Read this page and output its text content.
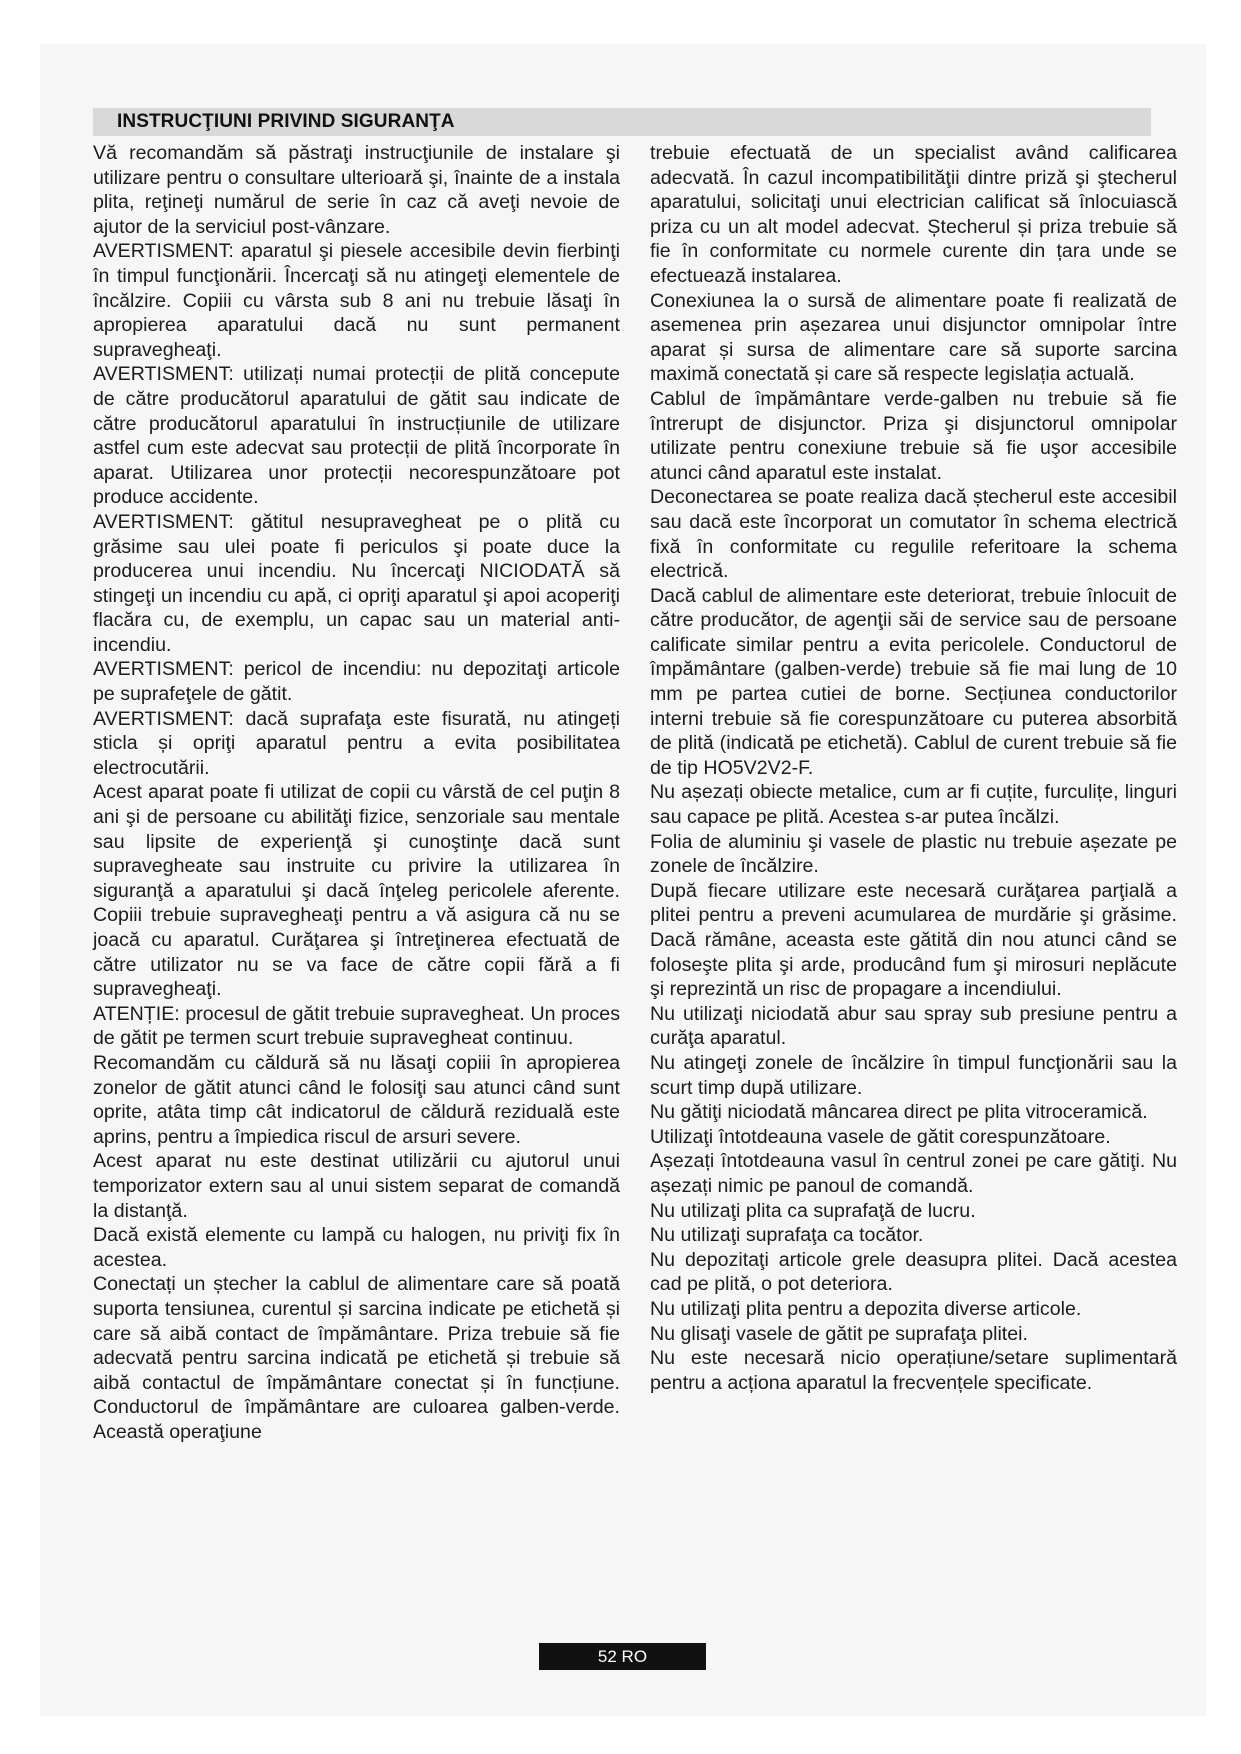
INSTRUCŢIUNI PRIVIND SIGURANŢA

Vă recomandăm să păstraţi instrucţiunile de instalare şi utilizare pentru o consultare ulterioară şi, înainte de a instala plita, reţineţi numărul de serie în caz că aveţi nevoie de ajutor de la serviciul post-vânzare.

AVERTISMENT: aparatul şi piesele accesibile devin fierbinţi în timpul funcţionării. Încercaţi să nu atingeţi elementele de încălzire. Copiii cu vârsta sub 8 ani nu trebuie lăsaţi în apropierea aparatului dacă nu sunt permanent supravegheaţi.

AVERTISMENT: utilizați numai protecții de plită concepute de către producătorul aparatului de gătit sau indicate de către producătorul aparatului în instrucțiunile de utilizare astfel cum este adecvat sau protecții de plită încorporate în aparat. Utilizarea unor protecții necorespunzătoare pot produce accidente.

AVERTISMENT: gătitul nesupravegheat pe o plită cu grăsime sau ulei poate fi periculos şi poate duce la producerea unui incendiu. Nu încercaţi NICIODATĂ să stingeţi un incendiu cu apă, ci opriţi aparatul şi apoi acoperiţi flacăra cu, de exemplu, un capac sau un material anti-incendiu.

AVERTISMENT: pericol de incendiu: nu depozitaţi articole pe suprafeţele de gătit.

AVERTISMENT: dacă suprafaţa este fisurată, nu atingeți sticla și opriţi aparatul pentru a evita posibilitatea electrocutării.

Acest aparat poate fi utilizat de copii cu vârstă de cel puţin 8 ani şi de persoane cu abilităţi fizice, senzoriale sau mentale sau lipsite de experienţă şi cunoştinţe dacă sunt supravegheate sau instruite cu privire la utilizarea în siguranţă a aparatului şi dacă înţeleg pericolele aferente. Copiii trebuie supravegheaţi pentru a vă asigura că nu se joacă cu aparatul. Curăţarea şi întreţinerea efectuată de către utilizator nu se va face de către copii fără a fi supravegheaţi.

ATENȚIE: procesul de gătit trebuie supravegheat. Un proces de gătit pe termen scurt trebuie supravegheat continuu.

Recomandăm cu căldură să nu lăsaţi copiii în apropierea zonelor de gătit atunci când le folosiţi sau atunci când sunt oprite, atâta timp cât indicatorul de căldură reziduală este aprins, pentru a împiedica riscul de arsuri severe.

Acest aparat nu este destinat utilizării cu ajutorul unui temporizator extern sau al unui sistem separat de comandă la distanţă.

Dacă există elemente cu lampă cu halogen, nu priviţi fix în acestea.

Conectați un ștecher la cablul de alimentare care să poată suporta tensiunea, curentul și sarcina indicate pe etichetă și care să aibă contact de împământare. Priza trebuie să fie adecvată pentru sarcina indicată pe etichetă și trebuie să aibă contactul de împământare conectat și în funcțiune. Conductorul de împământare are culoarea galben-verde. Această operaţiune

trebuie efectuată de un specialist având calificarea adecvată. În cazul incompatibilităţii dintre priză şi ştecherul aparatului, solicitaţi unui electrician calificat să înlocuiască priza cu un alt model adecvat. Ștecherul și priza trebuie să fie în conformitate cu normele curente din țara unde se efectuează instalarea.

Conexiunea la o sursă de alimentare poate fi realizată de asemenea prin așezarea unui disjunctor omnipolar între aparat și sursa de alimentare care să suporte sarcina maximă conectată și care să respecte legislația actuală.

Cablul de împământare verde-galben nu trebuie să fie întrerupt de disjunctor. Priza şi disjunctorul omnipolar utilizate pentru conexiune trebuie să fie uşor accesibile atunci când aparatul este instalat.

Deconectarea se poate realiza dacă ștecherul este accesibil sau dacă este încorporat un comutator în schema electrică fixă în conformitate cu regulile referitoare la schema electrică.

Dacă cablul de alimentare este deteriorat, trebuie înlocuit de către producător, de agenţii săi de service sau de persoane calificate similar pentru a evita pericolele. Conductorul de împământare (galben-verde) trebuie să fie mai lung de 10 mm pe partea cutiei de borne. Secțiunea conductorilor interni trebuie să fie corespunzătoare cu puterea absorbită de plită (indicată pe etichetă). Cablul de curent trebuie să fie de tip HO5V2V2-F.

Nu așezați obiecte metalice, cum ar fi cuțite, furculițe, linguri sau capace pe plită. Acestea s-ar putea încălzi.

Folia de aluminiu şi vasele de plastic nu trebuie așezate pe zonele de încălzire.

După fiecare utilizare este necesară curăţarea parţială a plitei pentru a preveni acumularea de murdărie şi grăsime. Dacă rămâne, aceasta este gătită din nou atunci când se foloseşte plita şi arde, producând fum şi mirosuri neplăcute şi reprezintă un risc de propagare a incendiului.

Nu utilizaţi niciodată abur sau spray sub presiune pentru a curăţa aparatul.

Nu atingeţi zonele de încălzire în timpul funcţionării sau la scurt timp după utilizare.

Nu gătiţi niciodată mâncarea direct pe plita vitroceramică.

Utilizaţi întotdeauna vasele de gătit corespunzătoare.

Așezați întotdeauna vasul în centrul zonei pe care gătiţi. Nu așezați nimic pe panoul de comandă.

Nu utilizaţi plita ca suprafaţă de lucru.

Nu utilizaţi suprafaţa ca tocător.

Nu depozitaţi articole grele deasupra plitei. Dacă acestea cad pe plită, o pot deteriora.

Nu utilizaţi plita pentru a depozita diverse articole.

Nu glisaţi vasele de gătit pe suprafaţa plitei.

Nu este necesară nicio operațiune/setare suplimentară pentru a acționa aparatul la frecvențele specificate.

52 RO
